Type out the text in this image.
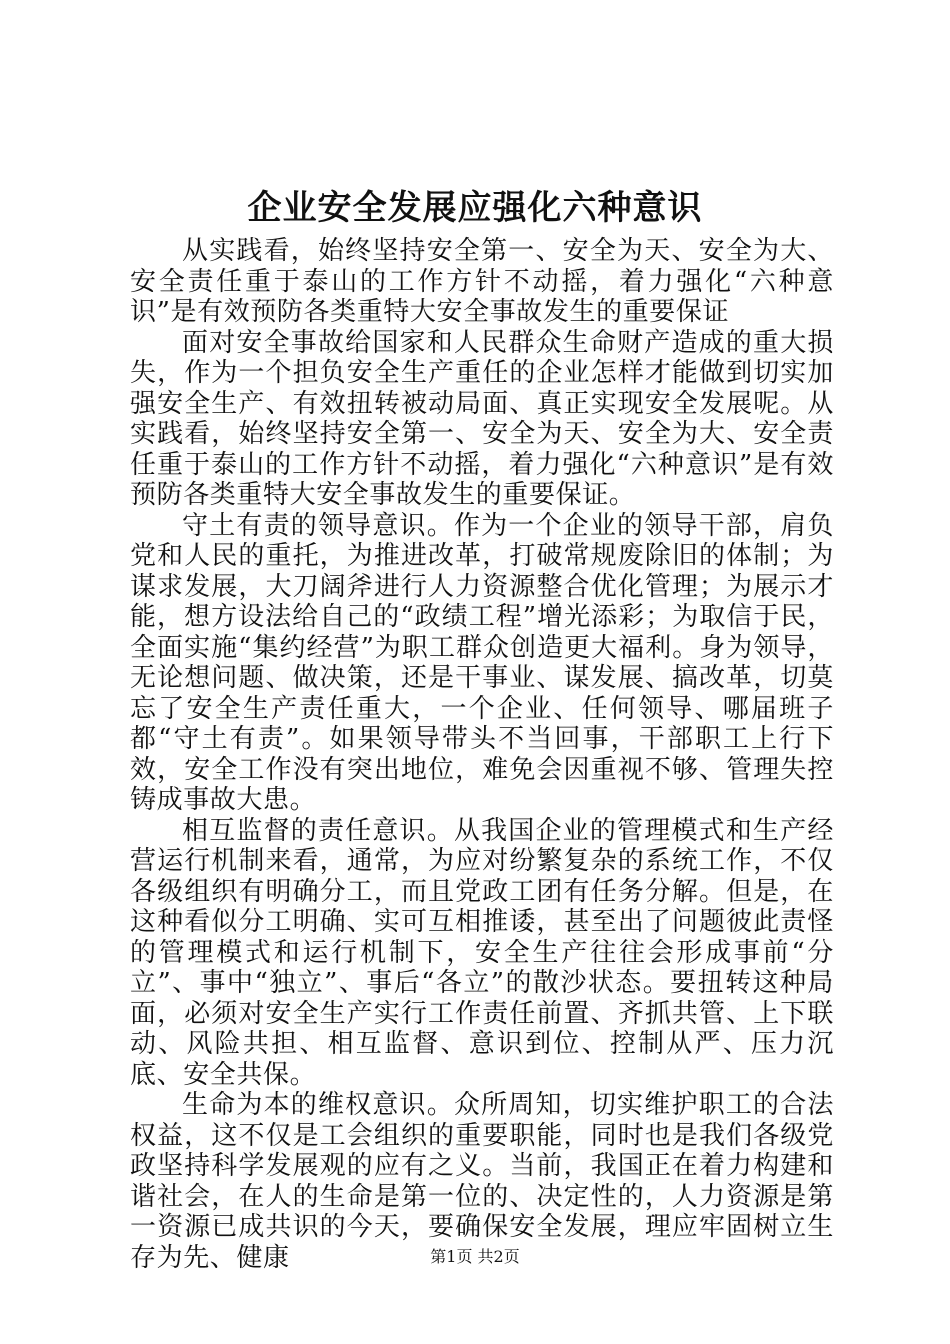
企业安全发展应强化六种意识

从实践看，始终坚持安全第一、安全为天、安全为大、安全责任重于泰山的工作方针不动摇，着力强化“六种意识”是有效预防各类重特大安全事故发生的重要保证

面对安全事故给国家和人民群众生命财产造成的重大损失，作为一个担负安全生产重任的企业怎样才能做到切实加强安全生产、有效扭转被动局面、真正实现安全发展呢。从实践看，始终坚持安全第一、安全为天、安全为大、安全责任重于泰山的工作方针不动摇，着力强化“六种意识”是有效预防各类重特大安全事故发生的重要保证。

守土有责的领导意识。作为一个企业的领导干部，肩负党和人民的重托，为推进改革，打破常规废除旧的体制；为谋求发展，大刀阔斧进行人力资源整合优化管理；为展示才能，想方设法给自己的“政绩工程”增光添彩；为取信于民，全面实施“集约经营”为职工群众创造更大福利。身为领导，无论想问题、做决策，还是干事业、谋发展、搞改革，切莫忘了安全生产责任重大，一个企业、任何领导、哪届班子都“守土有责”。如果领导带头不当回事，干部职工上行下效，安全工作没有突出地位，难免会因重视不够、管理失控铸成事故大患。

相互监督的责任意识。从我国企业的管理模式和生产经营运行机制来看，通常，为应对纷繁复杂的系统工作，不仅各级组织有明确分工，而且党政工团有任务分解。但是，在这种看似分工明确、实可互相推诿，甚至出了问题彼此责怪的管理模式和运行机制下，安全生产往往会形成事前“分立”、事中“独立”、事后“各立”的散沙状态。要扭转这种局面，必须对安全生产实行工作责任前置、齐抓共管、上下联动、风险共担、相互监督、意识到位、控制从严、压力沉底、安全共保。

生命为本的维权意识。众所周知，切实维护职工的合法权益，这不仅是工会组织的重要职能，同时也是我们各级党政坚持科学发展观的应有之义。当前，我国正在着力构建和谐社会，在人的生命是第一位的、决定性的，人力资源是第一资源已成共识的今天，要确保安全发展，理应牢固树立生存为先、健康	第1页 共2页
